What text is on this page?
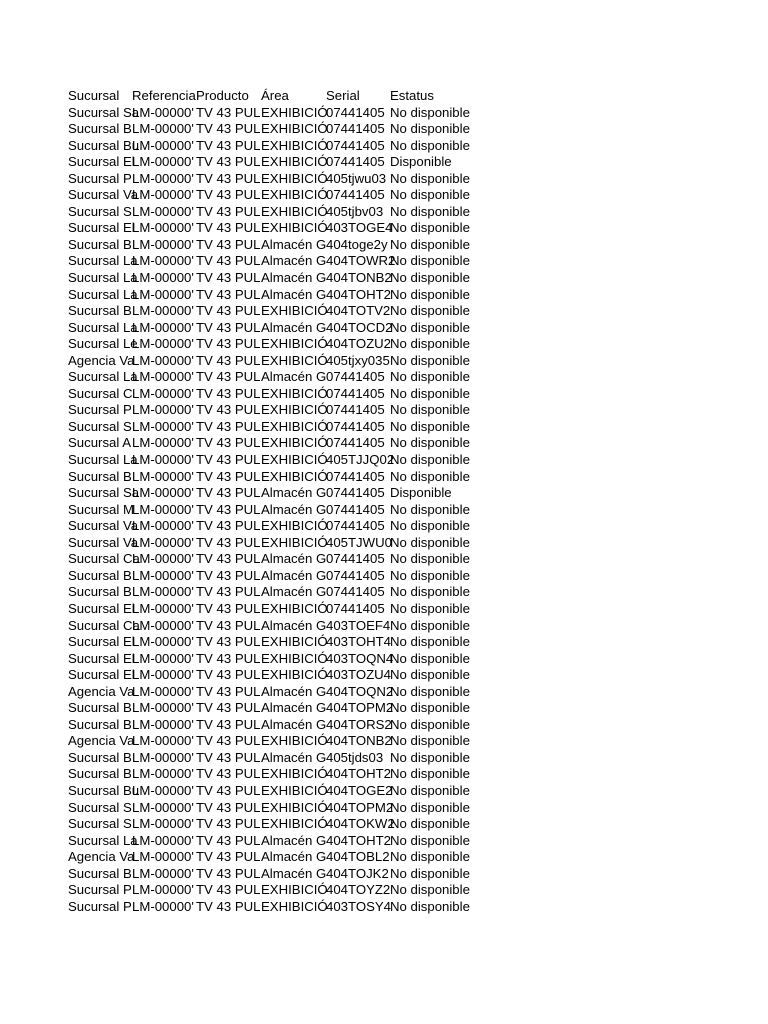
Sucursal	Referencia	Producto	Área	Serial	Estatus
Sucursal Sa	LM-00000'	TV 43 PUL	EXHIBICIÓ	07441405	No disponible
Sucursal B	LM-00000'	TV 43 PUL	EXHIBICIÓ	07441405	No disponible
Sucursal Bu	LM-00000'	TV 43 PUL	EXHIBICIÓ	07441405	No disponible
Sucursal El	LM-00000'	TV 43 PUL	EXHIBICIÓ	07441405	Disponible
Sucursal P	LM-00000'	TV 43 PUL	EXHIBICIÓ	405tjwu03	No disponible
Sucursal Va	LM-00000'	TV 43 PUL	EXHIBICIÓ	07441405	No disponible
Sucursal S	LM-00000'	TV 43 PUL	EXHIBICIÓ	405tjbv03	No disponible
Sucursal El	LM-00000'	TV 43 PUL	EXHIBICIÓ	403TOGE4	No disponible
Sucursal B	LM-00000'	TV 43 PUL	Almacén G	404toge2y	No disponible
Sucursal La	LM-00000'	TV 43 PUL	Almacén G	404TOWR2	No disponible
Sucursal La	LM-00000'	TV 43 PUL	Almacén G	404TONB2	No disponible
Sucursal La	LM-00000'	TV 43 PUL	Almacén G	404TOHT2	No disponible
Sucursal B	LM-00000'	TV 43 PUL	EXHIBICIÓ	404TOTV2	No disponible
Sucursal La	LM-00000'	TV 43 PUL	Almacén G	404TOCD2	No disponible
Sucursal Le	LM-00000'	TV 43 PUL	EXHIBICIÓ	404TOZU2	No disponible
Agencia Va	LM-00000'	TV 43 PUL	EXHIBICIÓ	405tjxy035	No disponible
Sucursal La	LM-00000'	TV 43 PUL	Almacén G	07441405	No disponible
Sucursal C	LM-00000'	TV 43 PUL	EXHIBICIÓ	07441405	No disponible
Sucursal P	LM-00000'	TV 43 PUL	EXHIBICIÓ	07441405	No disponible
Sucursal S	LM-00000'	TV 43 PUL	EXHIBICIÓ	07441405	No disponible
Sucursal A	LM-00000'	TV 43 PUL	EXHIBICIÓ	07441405	No disponible
Sucursal La	LM-00000'	TV 43 PUL	EXHIBICIÓ	405TJJQ02	No disponible
Sucursal B	LM-00000'	TV 43 PUL	EXHIBICIÓ	07441405	No disponible
Sucursal Sa	LM-00000'	TV 43 PUL	Almacén G	07441405	Disponible
Sucursal M	LM-00000'	TV 43 PUL	Almacén G	07441405	No disponible
Sucursal Va	LM-00000'	TV 43 PUL	EXHIBICIÓ	07441405	No disponible
Sucursal Va	LM-00000'	TV 43 PUL	EXHIBICIÓ	405TJWU0	No disponible
Sucursal Ca	LM-00000'	TV 43 PUL	Almacén G	07441405	No disponible
Sucursal B	LM-00000'	TV 43 PUL	Almacén G	07441405	No disponible
Sucursal B	LM-00000'	TV 43 PUL	Almacén G	07441405	No disponible
Sucursal El	LM-00000'	TV 43 PUL	EXHIBICIÓ	07441405	No disponible
Sucursal Ca	LM-00000'	TV 43 PUL	Almacén G	403TOEF4	No disponible
Sucursal El	LM-00000'	TV 43 PUL	EXHIBICIÓ	403TOHT4	No disponible
Sucursal El	LM-00000'	TV 43 PUL	EXHIBICIÓ	403TOQN4	No disponible
Sucursal El	LM-00000'	TV 43 PUL	EXHIBICIÓ	403TOZU4	No disponible
Agencia Va	LM-00000'	TV 43 PUL	Almacén G	404TOQN2	No disponible
Sucursal B	LM-00000'	TV 43 PUL	Almacén G	404TOPM2	No disponible
Sucursal B	LM-00000'	TV 43 PUL	Almacén G	404TORS2	No disponible
Agencia Va	LM-00000'	TV 43 PUL	EXHIBICIÓ	404TONB2	No disponible
Sucursal B	LM-00000'	TV 43 PUL	Almacén G	405tjds03	No disponible
Sucursal B	LM-00000'	TV 43 PUL	EXHIBICIÓ	404TOHT2	No disponible
Sucursal Bu	LM-00000'	TV 43 PUL	EXHIBICIÓ	404TOGE2	No disponible
Sucursal S	LM-00000'	TV 43 PUL	EXHIBICIÓ	404TOPM2	No disponible
Sucursal S	LM-00000'	TV 43 PUL	EXHIBICIÓ	404TOKW2	No disponible
Sucursal La	LM-00000'	TV 43 PUL	Almacén G	404TOHT2	No disponible
Agencia Va	LM-00000'	TV 43 PUL	Almacén G	404TOBL2	No disponible
Sucursal B	LM-00000'	TV 43 PUL	Almacén G	404TOJK2	No disponible
Sucursal P	LM-00000'	TV 43 PUL	EXHIBICIÓ	404TOYZ2	No disponible
Sucursal P	LM-00000'	TV 43 PUL	EXHIBICIÓ	403TOSY4	No disponible
